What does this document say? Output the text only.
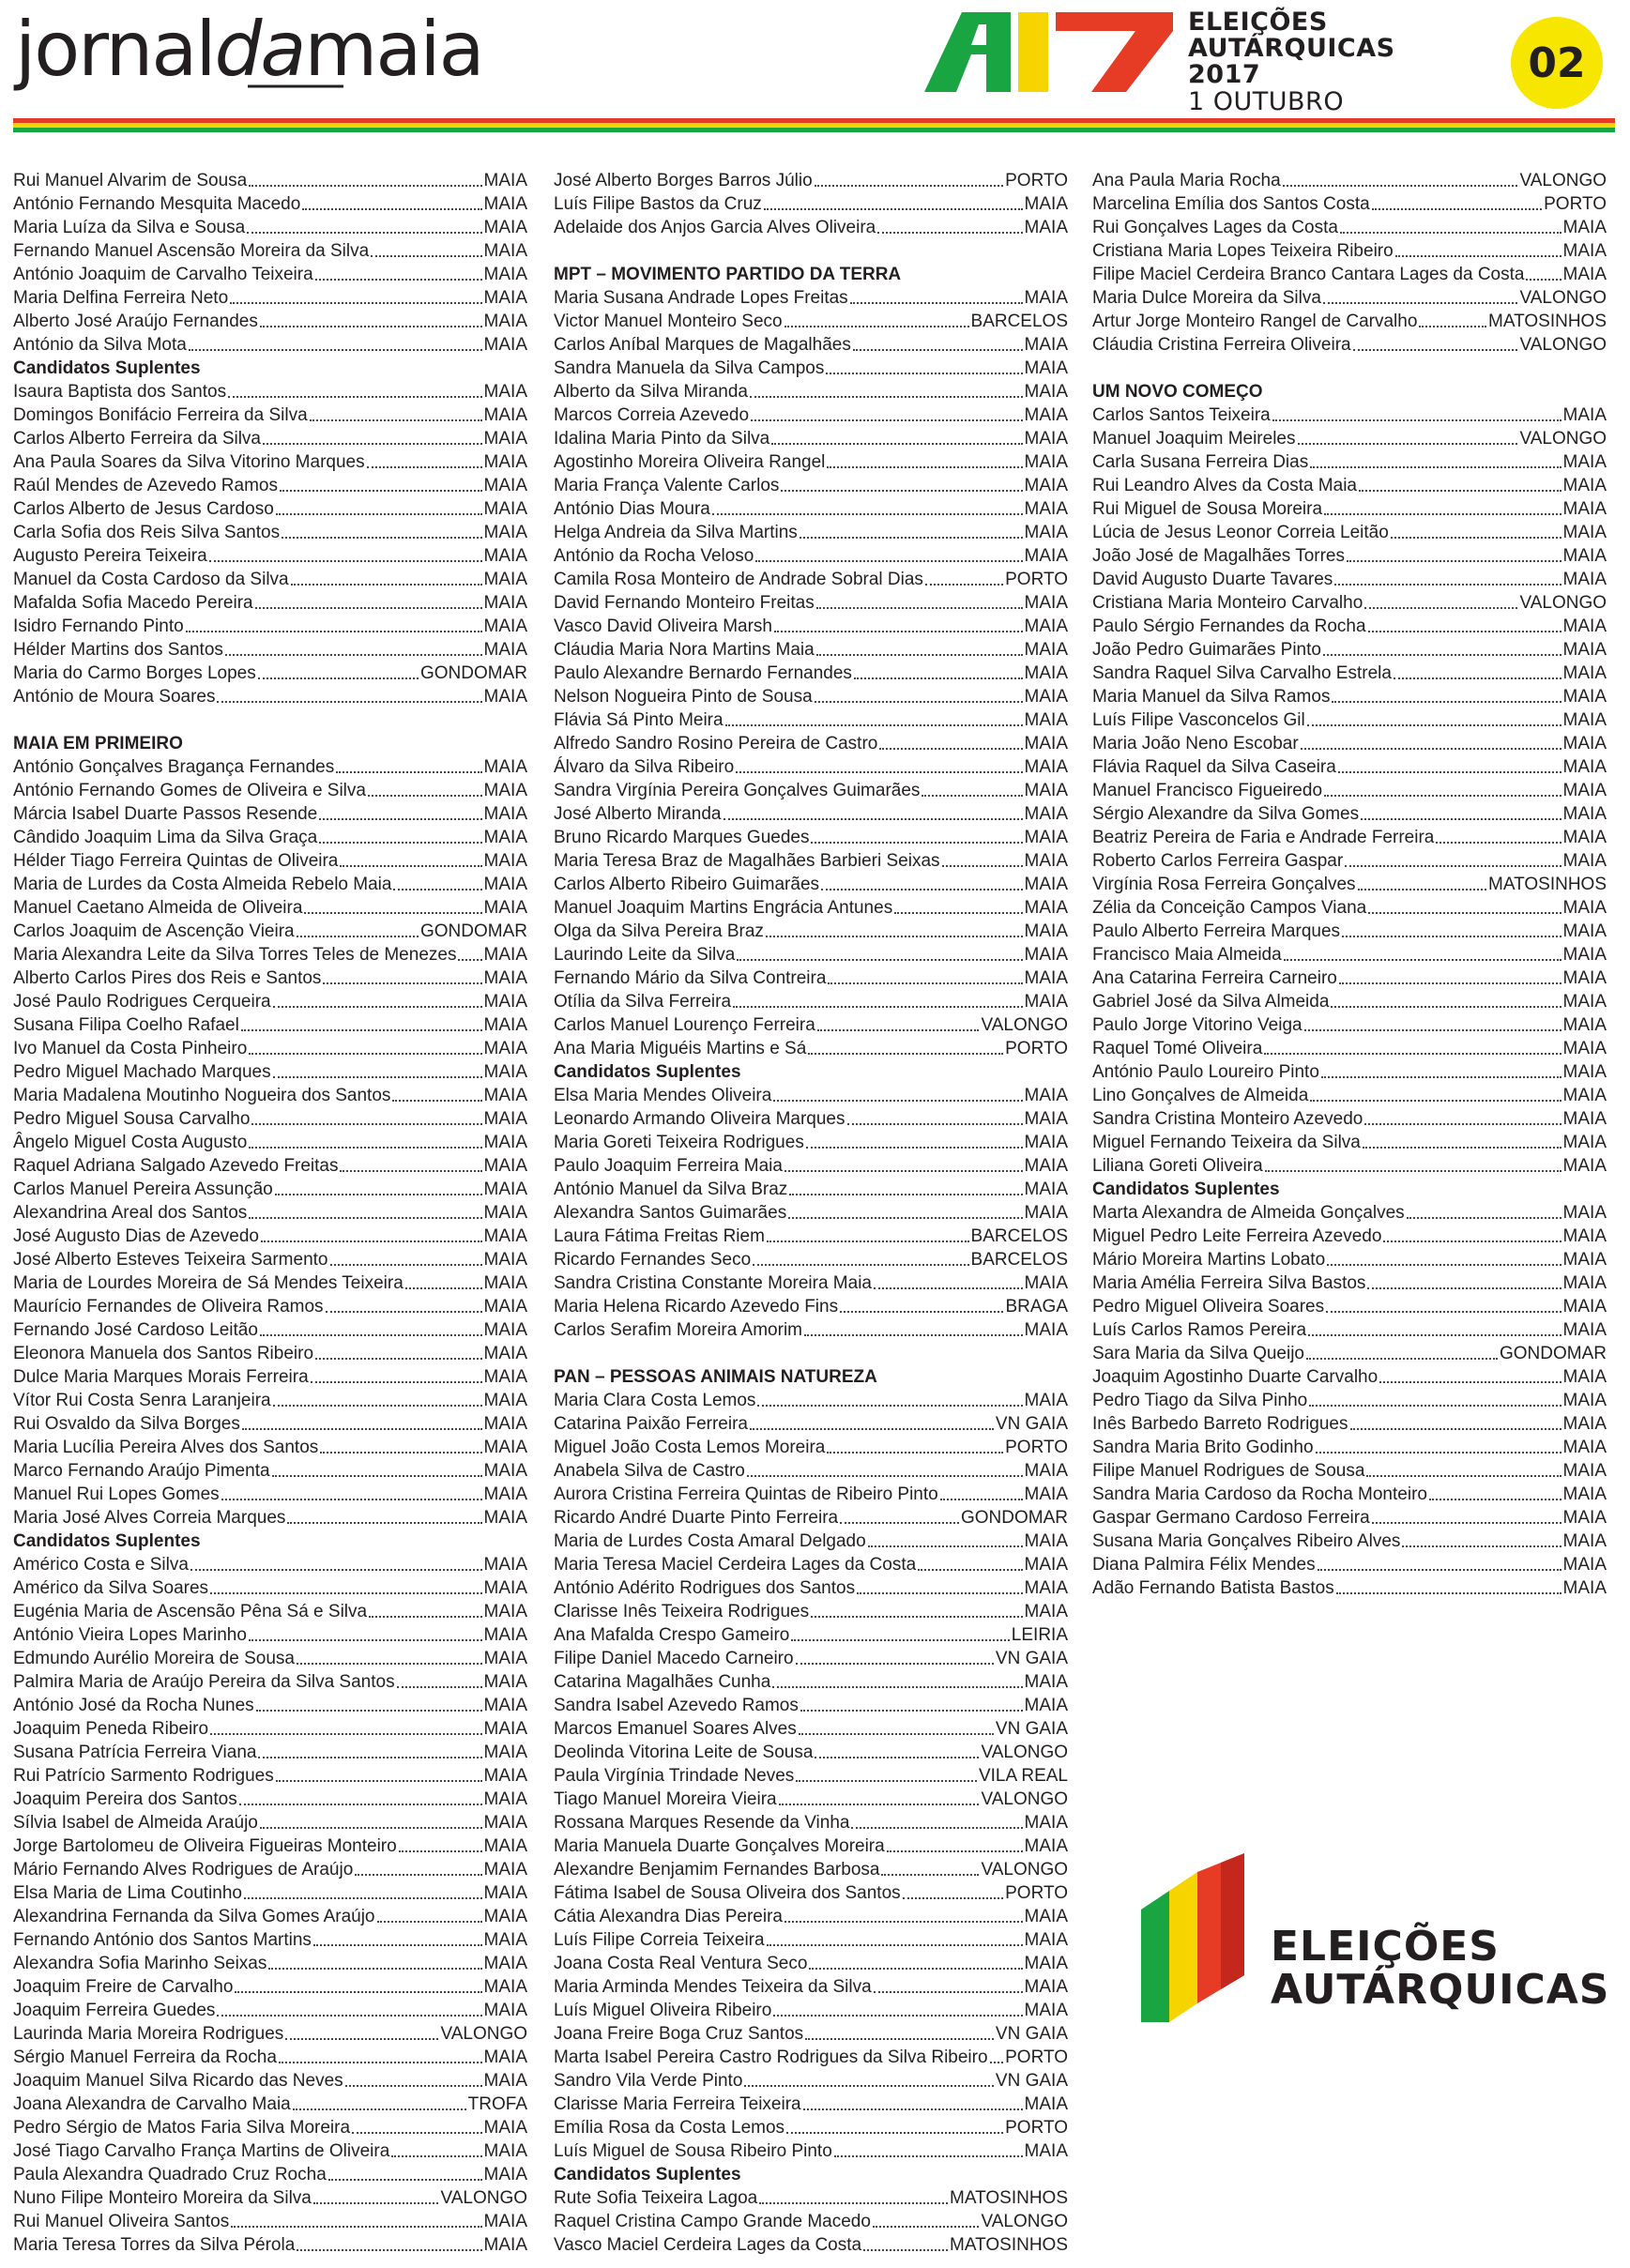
jornaldamaia	ELEIÇÕES
AUTÁRQUICAS 2017
1 OUTUBRO
02
Rui Manuel Alvarim de Sousa	MAIA
António Fernando Mesquita Macedo	MAIA
Maria Luíza da Silva e Sousa	MAIA
Fernando Manuel Ascensão Moreira da Silva	MAIA
António Joaquim de Carvalho Teixeira	MAIA
Maria Delfina Ferreira Neto	MAIA
Alberto José Araújo Fernandes	MAIA
António da Silva Mota	MAIA
Candidatos Suplentes
Isaura Baptista dos Santos	MAIA
Domingos Bonifácio Ferreira da Silva	MAIA
Carlos Alberto Ferreira da Silva	MAIA
Ana Paula Soares da Silva Vitorino Marques	MAIA
Raúl Mendes de Azevedo Ramos	MAIA
Carlos Alberto de Jesus Cardoso	MAIA
Carla Sofia dos Reis Silva Santos	MAIA
Augusto Pereira Teixeira	MAIA
Manuel da Costa Cardoso da Silva	MAIA
Mafalda Sofia Macedo Pereira	MAIA
Isidro Fernando Pinto	MAIA
Hélder Martins dos Santos	MAIA
Maria do Carmo Borges Lopes	GONDOMAR
António de Moura Soares	MAIA
MAIA EM PRIMEIRO
António Gonçalves Bragança Fernandes	MAIA
António Fernando Gomes de Oliveira e Silva	MAIA
Márcia Isabel Duarte Passos Resende	MAIA
Cândido Joaquim Lima da Silva Graça	MAIA
Hélder Tiago Ferreira Quintas de Oliveira	MAIA
Maria de Lurdes da Costa Almeida Rebelo Maia	MAIA
Manuel Caetano Almeida de Oliveira	MAIA
Carlos Joaquim de Ascenção Vieira	GONDOMAR
Maria Alexandra Leite da Silva Torres Teles de Menezes MAIA
Alberto Carlos Pires dos Reis e Santos	MAIA
José Paulo Rodrigues Cerqueira	MAIA
Susana Filipa Coelho Rafael	MAIA
Ivo Manuel da Costa Pinheiro	MAIA
Pedro Miguel Machado Marques	MAIA
Maria Madalena Moutinho Nogueira dos Santos	MAIA
Pedro Miguel Sousa Carvalho	MAIA
Ângelo Miguel Costa Augusto	MAIA
Raquel Adriana Salgado Azevedo Freitas	MAIA
Carlos Manuel Pereira Assunção	MAIA
Alexandrina Areal dos Santos	MAIA
José Augusto Dias de Azevedo	MAIA
José Alberto Esteves Teixeira Sarmento	MAIA
Maria de Lourdes Moreira de Sá Mendes Teixeira	MAIA
Maurício Fernandes de Oliveira Ramos	MAIA
Fernando José Cardoso Leitão	MAIA
Eleonora Manuela dos Santos Ribeiro	MAIA
Dulce Maria Marques Morais Ferreira	MAIA
Vítor Rui Costa Senra Laranjeira	MAIA
Rui Osvaldo da Silva Borges	MAIA
Maria Lucília Pereira Alves dos Santos	MAIA
Marco Fernando Araújo Pimenta	MAIA
Manuel Rui Lopes Gomes	MAIA
Maria José Alves Correia Marques	MAIA
Candidatos Suplentes
Américo Costa e Silva	MAIA
Américo da Silva Soares	MAIA
Eugénia Maria de Ascensão Pêna Sá e Silva	MAIA
António Vieira Lopes Marinho	MAIA
Edmundo Aurélio Moreira de Sousa	MAIA
Palmira Maria de Araújo Pereira da Silva Santos	MAIA
António José da Rocha Nunes	MAIA
Joaquim Peneda Ribeiro	MAIA
Susana Patrícia Ferreira Viana	MAIA
Rui Patrício Sarmento Rodrigues	MAIA
Joaquim Pereira dos Santos	MAIA
Sílvia Isabel de Almeida Araújo	MAIA
Jorge Bartolomeu de Oliveira Figueiras Monteiro	MAIA
Mário Fernando Alves Rodrigues de Araújo	MAIA
Elsa Maria de Lima Coutinho	MAIA
Alexandrina Fernanda da Silva Gomes Araújo	MAIA
Fernando António dos Santos Martins	MAIA
Alexandra Sofia Marinho Seixas	MAIA
Joaquim Freire de Carvalho	MAIA
Joaquim Ferreira Guedes	MAIA
Laurinda Maria Moreira Rodrigues	VALONGO
Sérgio Manuel Ferreira da Rocha	MAIA
Joaquim Manuel Silva Ricardo das Neves	MAIA
Joana Alexandra de Carvalho Maia	TROFA
Pedro Sérgio de Matos Faria Silva Moreira	MAIA
José Tiago Carvalho França Martins de Oliveira	MAIA
Paula Alexandra Quadrado Cruz Rocha	MAIA
Nuno Filipe Monteiro Moreira da Silva	VALONGO
Rui Manuel Oliveira Santos	MAIA
Maria Teresa Torres da Silva Pérola	MAIA
José Alberto Borges Barros Júlio	PORTO
Luís Filipe Bastos da Cruz	MAIA
Adelaide dos Anjos Garcia Alves Oliveira	MAIA
MPT – MOVIMENTO PARTIDO DA TERRA
Maria Susana Andrade Lopes Freitas	MAIA
Victor Manuel Monteiro Seco	BARCELOS
Carlos Aníbal Marques de Magalhães	MAIA
Sandra Manuela da Silva Campos	MAIA
Alberto da Silva Miranda	MAIA
Marcos Correia Azevedo	MAIA
Idalina Maria Pinto da Silva	MAIA
Agostinho Moreira Oliveira Rangel	MAIA
Maria França Valente Carlos	MAIA
António Dias Moura	MAIA
Helga Andreia da Silva Martins	MAIA
António da Rocha Veloso	MAIA
Camila Rosa Monteiro de Andrade Sobral Dias	PORTO
David Fernando Monteiro Freitas	MAIA
Vasco David Oliveira Marsh	MAIA
Cláudia Maria Nora Martins Maia	MAIA
Paulo Alexandre Bernardo Fernandes	MAIA
Nelson Nogueira Pinto de Sousa	MAIA
Flávia Sá Pinto Meira	MAIA
Alfredo Sandro Rosino Pereira de Castro	MAIA
Álvaro da Silva Ribeiro	MAIA
Sandra Virgínia Pereira Gonçalves Guimarães	MAIA
José Alberto Miranda	MAIA
Bruno Ricardo Marques Guedes	MAIA
Maria Teresa Braz de Magalhães Barbieri Seixas	MAIA
Carlos Alberto Ribeiro Guimarães	MAIA
Manuel Joaquim Martins Engrácia Antunes	MAIA
Olga da Silva Pereira Braz	MAIA
Laurindo Leite da Silva	MAIA
Fernando Mário da Silva Contreira	MAIA
Otília da Silva Ferreira	MAIA
Carlos Manuel Lourenço Ferreira	VALONGO
Ana Maria Miguéis Martins e Sá	PORTO
Candidatos Suplentes
Elsa Maria Mendes Oliveira	MAIA
Leonardo Armando Oliveira Marques	MAIA
Maria Goreti Teixeira Rodrigues	MAIA
Paulo Joaquim Ferreira Maia	MAIA
António Manuel da Silva Braz	MAIA
Alexandra Santos Guimarães	MAIA
Laura Fátima Freitas Riem	BARCELOS
Ricardo Fernandes Seco	BARCELOS
Sandra Cristina Constante Moreira Maia	MAIA
Maria Helena Ricardo Azevedo Fins	BRAGA
Carlos Serafim Moreira Amorim	MAIA
PAN – PESSOAS ANIMAIS NATUREZA
Maria Clara Costa Lemos	MAIA
Catarina Paixão Ferreira	VN GAIA
Miguel João Costa Lemos Moreira	PORTO
Anabela Silva de Castro	MAIA
Aurora Cristina Ferreira Quintas de Ribeiro Pinto	MAIA
Ricardo André Duarte Pinto Ferreira	GONDOMAR
Maria de Lurdes Costa Amaral Delgado	MAIA
Maria Teresa Maciel Cerdeira Lages da Costa	MAIA
António Adérito Rodrigues dos Santos	MAIA
Clarisse Inês Teixeira Rodrigues	MAIA
Ana Mafalda Crespo Gameiro	LEIRIA
Filipe Daniel Macedo Carneiro	VN GAIA
Catarina Magalhães Cunha	MAIA
Sandra Isabel Azevedo Ramos	MAIA
Marcos Emanuel Soares Alves	VN GAIA
Deolinda Vitorina Leite de Sousa	VALONGO
Paula Virgínia Trindade Neves	VILA REAL
Tiago Manuel Moreira Vieira	VALONGO
Rossana Marques Resende da Vinha	MAIA
Maria Manuela Duarte Gonçalves Moreira	MAIA
Alexandre Benjamim Fernandes Barbosa	VALONGO
Fátima Isabel de Sousa Oliveira dos Santos	PORTO
Cátia Alexandra Dias Pereira	MAIA
Luís Filipe Correia Teixeira	MAIA
Joana Costa Real Ventura Seco	MAIA
Maria Arminda Mendes Teixeira da Silva	MAIA
Luís Miguel Oliveira Ribeiro	MAIA
Joana Freire Boga Cruz Santos	VN GAIA
Marta Isabel Pereira Castro Rodrigues da Silva Ribeiro PORTO
Sandro Vila Verde Pinto	VN GAIA
Clarisse Maria Ferreira Teixeira	MAIA
Emília Rosa da Costa Lemos	PORTO
Luís Miguel de Sousa Ribeiro Pinto	MAIA
Candidatos Suplentes
Rute Sofia Teixeira Lagoa	MATOSINHOS
Raquel Cristina Campo Grande Macedo	VALONGO
Vasco Maciel Cerdeira Lages da Costa	MATOSINHOS
Ana Paula Maria Rocha	VALONGO
Marcelina Emília dos Santos Costa	PORTO
Rui Gonçalves Lages da Costa	MAIA
Cristiana Maria Lopes Teixeira Ribeiro	MAIA
Filipe Maciel Cerdeira Branco Cantara Lages da Costa MAIA
Maria Dulce Moreira da Silva	VALONGO
Artur Jorge Monteiro Rangel de Carvalho	MATOSINHOS
Cláudia Cristina Ferreira Oliveira	VALONGO
UM NOVO COMEÇO
Carlos Santos Teixeira	MAIA
Manuel Joaquim Meireles	VALONGO
Carla Susana Ferreira Dias	MAIA
Rui Leandro Alves da Costa Maia	MAIA
Rui Miguel de Sousa Moreira	MAIA
Lúcia de Jesus Leonor Correia Leitão	MAIA
João José de Magalhães Torres	MAIA
David Augusto Duarte Tavares	MAIA
Cristiana Maria Monteiro Carvalho	VALONGO
Paulo Sérgio Fernandes da Rocha	MAIA
João Pedro Guimarães Pinto	MAIA
Sandra Raquel Silva Carvalho Estrela	MAIA
Maria Manuel da Silva Ramos	MAIA
Luís Filipe Vasconcelos Gil	MAIA
Maria João Neno Escobar	MAIA
Flávia Raquel da Silva Caseira	MAIA
Manuel Francisco Figueiredo	MAIA
Sérgio Alexandre da Silva Gomes	MAIA
Beatriz Pereira de Faria e Andrade Ferreira	MAIA
Roberto Carlos Ferreira Gaspar	MAIA
Virgínia Rosa Ferreira Gonçalves	MATOSINHOS
Zélia da Conceição Campos Viana	MAIA
Paulo Alberto Ferreira Marques	MAIA
Francisco Maia Almeida	MAIA
Ana Catarina Ferreira Carneiro	MAIA
Gabriel José da Silva Almeida	MAIA
Paulo Jorge Vitorino Veiga	MAIA
Raquel Tomé Oliveira	MAIA
António Paulo Loureiro Pinto	MAIA
Lino Gonçalves de Almeida	MAIA
Sandra Cristina Monteiro Azevedo	MAIA
Miguel Fernando Teixeira da Silva	MAIA
Liliana Goreti Oliveira	MAIA
Candidatos Suplentes
Marta Alexandra de Almeida Gonçalves	MAIA
Miguel Pedro Leite Ferreira Azevedo	MAIA
Mário Moreira Martins Lobato	MAIA
Maria Amélia Ferreira Silva Bastos	MAIA
Pedro Miguel Oliveira Soares	MAIA
Luís Carlos Ramos Pereira	MAIA
Sara Maria da Silva Queijo	GONDOMAR
Joaquim Agostinho Duarte Carvalho	MAIA
Pedro Tiago da Silva Pinho	MAIA
Inês Barbedo Barreto Rodrigues	MAIA
Sandra Maria Brito Godinho	MAIA
Filipe Manuel Rodrigues de Sousa	MAIA
Sandra Maria Cardoso da Rocha Monteiro	MAIA
Gaspar Germano Cardoso Ferreira	MAIA
Susana Maria Gonçalves Ribeiro Alves	MAIA
Diana Palmira Félix Mendes	MAIA
Adão Fernando Batista Bastos	MAIA
ELEIÇÕES
AUTÁRQUICAS
